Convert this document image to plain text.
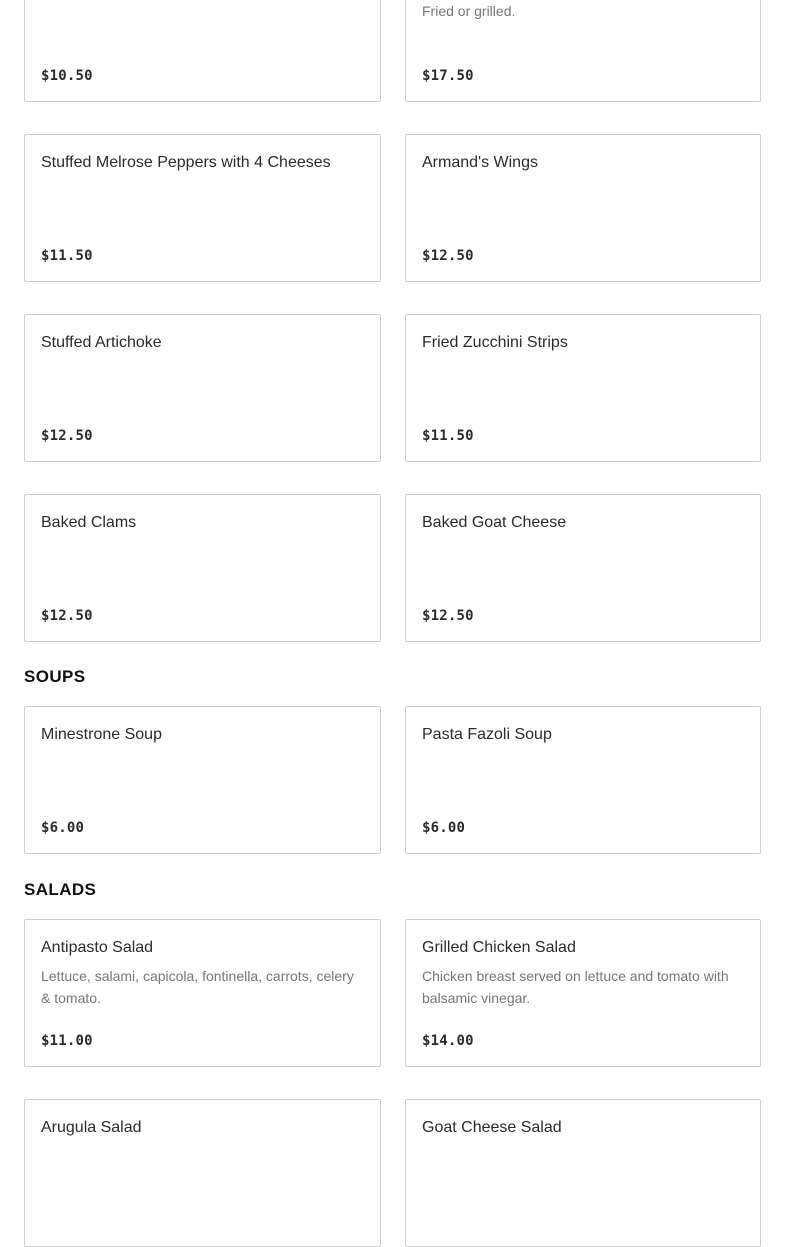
$10.50
Fried or grilled.
$17.50
Stuffed Melrose Peppers with 4 Cheeses
$11.50
Armand's Wings
$12.50
Stuffed Artichoke
$12.50
Fried Zucchini Strips
$11.50
Baked Clams
$12.50
Baked Goat Cheese
$12.50
SOUPS
Minestrone Soup
$6.00
Pasta Fazoli Soup
$6.00
SALADS
Antipasto Salad
Lettuce, salami, capicola, fontinella, carrots, celery & tomato.
$11.00
Grilled Chicken Salad
Chicken breast served on lettuce and tomato with balsamic vinegar.
$14.00
Arugula Salad	Goat Cheese Salad
